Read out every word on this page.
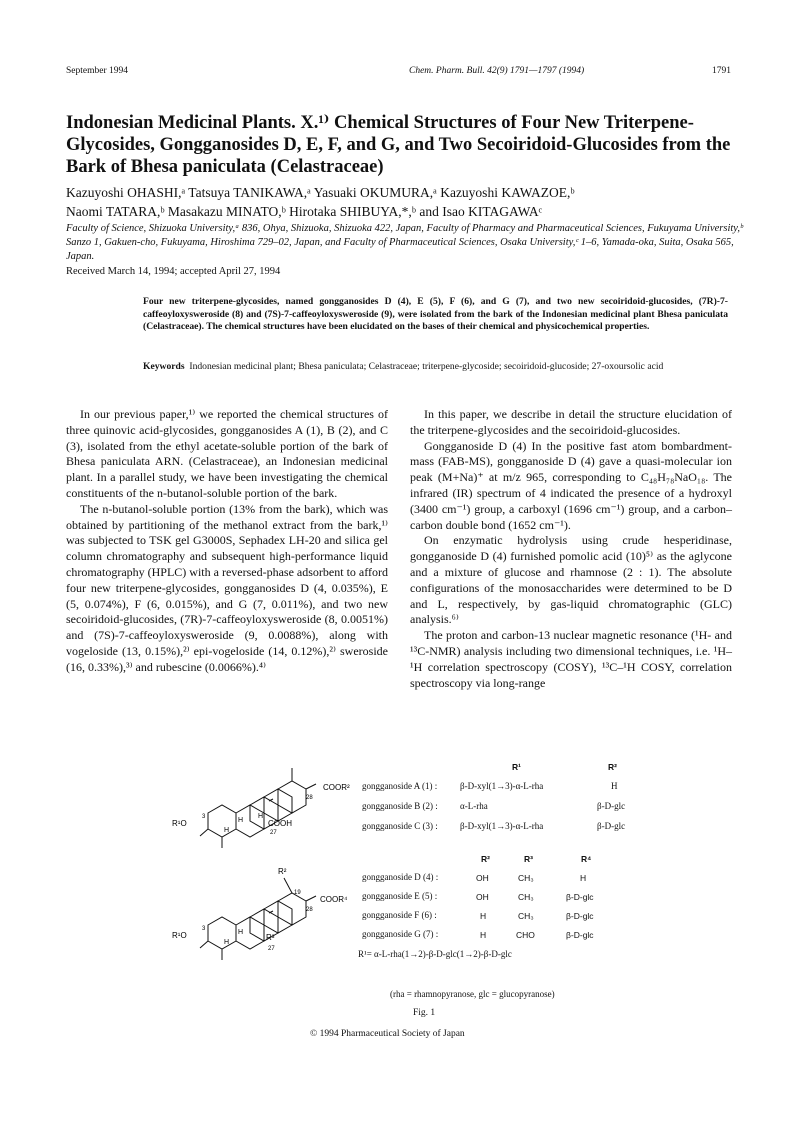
September 1994	Chem. Pharm. Bull. 42(9) 1791—1797 (1994)	1791
Indonesian Medicinal Plants. X.¹⁾ Chemical Structures of Four New Triterpene-Glycosides, Gongganosides D, E, F, and G, and Two Secoiridoid-Glucosides from the Bark of Bhesa paniculata (Celastraceae)
Kazuyoshi OHASHI,ᵃ Tatsuya TANIKAWA,ᵃ Yasuaki OKUMURA,ᵃ Kazuyoshi KAWAZOE,ᵇ
Naomi TATARA,ᵇ Masakazu MINATO,ᵇ Hirotaka SHIBUYA,*,ᵇ and Isao KITAGAWAᶜ
Faculty of Science, Shizuoka University,ᵃ 836, Ohya, Shizuoka, Shizuoka 422, Japan, Faculty of Pharmacy and Pharmaceutical Sciences, Fukuyama University,ᵇ Sanzo 1, Gakuen-cho, Fukuyama, Hiroshima 729–02, Japan, and Faculty of Pharmaceutical Sciences, Osaka University,ᶜ 1–6, Yamada-oka, Suita, Osaka 565, Japan.
Received March 14, 1994; accepted April 27, 1994
Four new triterpene-glycosides, named gongganosides D (4), E (5), F (6), and G (7), and two new secoiridoid-glucosides, (7R)-7-caffeoyloxysweroside (8) and (7S)-7-caffeoyloxysweroside (9), were isolated from the bark of the Indonesian medicinal plant Bhesa paniculata (Celastraceae). The chemical structures have been elucidated on the bases of their chemical and physicochemical properties.
Keywords Indonesian medicinal plant; Bhesa paniculata; Celastraceae; triterpene-glycoside; secoiridoid-glucoside; 27-oxoursolic acid

In our previous paper,¹⁾ we reported the chemical structures of three quinovic acid-glycosides, gongganosides A (1), B (2), and C (3), isolated from the ethyl acetate-soluble portion of the bark of Bhesa paniculata ARN. (Celastraceae), an Indonesian medicinal plant. In a parallel study, we have been investigating the chemical constituents of the n-butanol-soluble portion of the bark.

The n-butanol-soluble portion (13% from the bark), which was obtained by partitioning of the methanol extract from the bark,¹⁾ was subjected to TSK gel G3000S, Sephadex LH-20 and silica gel column chromatography and subsequent high-performance liquid chromatography (HPLC) with a reversed-phase adsorbent to afford four new triterpene-glycosides, gongganosides D (4, 0.035%), E (5, 0.074%), F (6, 0.015%), and G (7, 0.011%), and two new secoiridoid-glucosides, (7R)-7-caffeoyloxysweroside (8, 0.0051%) and (7S)-7-caffeoyloxysweroside (9, 0.0088%), along with vogeloside (13, 0.15%),²⁾ epi-vogeloside (14, 0.12%),²⁾ sweroside (16, 0.33%),³⁾ and rubescine (0.0066%).⁴⁾

In this paper, we describe in detail the structure elucidation of the triterpene-glycosides and the secoiridoid-glucosides.

Gongganoside D (4) In the positive fast atom bombardment-mass (FAB-MS), gongganoside D (4) gave a quasi-molecular ion peak (M+Na)⁺ at m/z 965, corresponding to C₄₈H₇₈NaO₁₈. The infrared (IR) spectrum of 4 indicated the presence of a hydroxyl (3400 cm⁻¹) group, a carboxyl (1696 cm⁻¹) group, and a carbon–carbon double bond (1652 cm⁻¹).

On enzymatic hydrolysis using crude hesperidinase, gongganoside D (4) furnished pomolic acid (10)⁵⁾ as the aglycone and a mixture of glucose and rhamnose (2 : 1). The absolute configurations of the monosaccharides were determined to be D and L, respectively, by gas-liquid chromatographic (GLC) analysis.⁶⁾

The proton and carbon-13 nuclear magnetic resonance (¹H- and ¹³C-NMR) analysis including two dimensional techniques, i.e. ¹H–¹H correlation spectroscopy (COSY), ¹³C–¹H COSY, correlation spectroscopy via long-range

COOR²
28
COOH
27
H
H
3
R¹O
H
R¹	R²
gongganoside A (1) :	β-D-xyl(1→3)-α-L-rha	H
gongganoside B (2) : α-L-rha	β-D-glc
gongganoside C (3) : β-D-xyl(1→3)-α-L-rha	β-D-glc
R²
19
COOR⁴
28
H
R³
27
3
R¹O
H
R²	R³	R⁴
gongganoside D (4) :	OH	CH₃	H
gongganoside E (5) :	OH	CH₃	β-D-glc
gongganoside F (6) :	H	CH₃	β-D-glc
gongganoside G (7) :	H	CHO	β-D-glc
R¹= α-L-rha(1→2)-β-D-glc(1→2)-β-D-glc
(rha = rhamnopyranose, glc = glucopyranose)
Fig. 1
© 1994 Pharmaceutical Society of Japan
